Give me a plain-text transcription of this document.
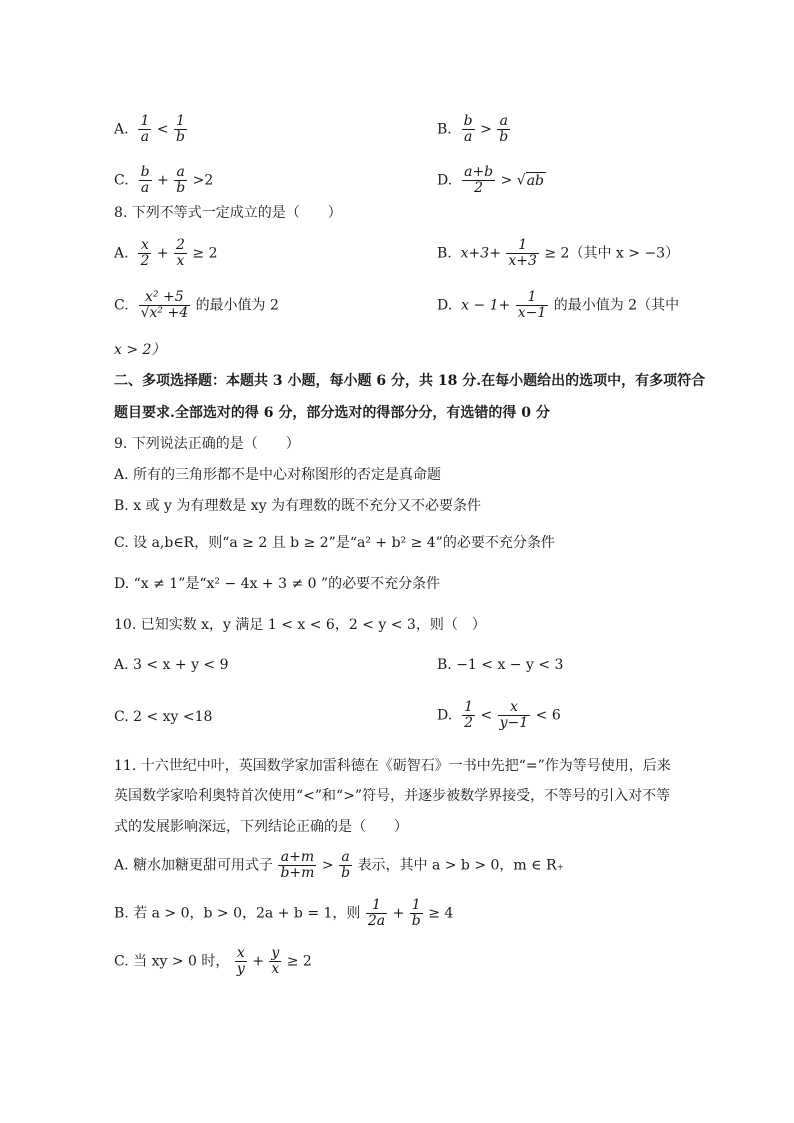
A. $\frac{1}{a} < \frac{1}{b}$	B. $\frac{b}{a} > \frac{a}{b}$
C. $\frac{b}{a} + \frac{a}{b} >2$	D. $\frac{a+b}{2} > √ab$
8. 下列不等式一定成立的是（　　）
A. $\frac{x}{2} + \frac{2}{x} \ge 2$	B. $x+3+ \frac{1}{x+3} \ge 2$（其中 x > −3）
C. $\frac{\text{x² +5}}{\text{√x² +4}}$ 的最小值为 2	D. $x - 1+ \frac{1}{x-1}$ 的最小值为 2（其中
x > 2）
二、多项选择题：本题共 3 小题，每小题 6 分，共 18 分.在每小题给出的选项中，有多项符合
题目要求.全部选对的得 6 分，部分选对的得部分分，有选错的得 0 分
9. 下列说法正确的是（　　）
A. 所有的三角形都不是中心对称图形的否定是真命题
B. x 或 y 为有理数是 xy 为有理数的既不充分又不必要条件
C. 设 a,b∈R，则“a ≥ 2 且 b ≥ 2”是“a² + b² ≥ 4”的必要不充分条件
D. “x ≠ 1”是“x² − 4x + 3 ≠ 0 ”的必要不充分条件
10. 已知实数 x，y 满足 1 < x < 6，2 < y < 3，则（　）
A. 3 < x + y < 9	B. −1 < x − y < 3
C. 2 < xy <18	D. $\frac{1}{2} < \frac{x}{y-1} < 6$
11. 十六世纪中叶，英国数学家加雷科德在《砺智石》一书中先把“=”作为等号使用，后来
英国数学家哈利奥特首次使用“<”和“>”符号，并逐步被数学界接受，不等号的引入对不等
式的发展影响深远，下列结论正确的是（　　）
A. 糖水加糖更甜可用式子 $\frac{a+m}{b+m} > \frac{a}{b}$ 表示，其中 a > b > 0，m ∈ R₊
B. 若 a > 0，b > 0，2a + b = 1，则 $\frac{1}{2a} + \frac{1}{b} \ge 4$
C. 当 xy > 0 时， $\frac{x}{y} + \frac{y}{x} \ge 2$
